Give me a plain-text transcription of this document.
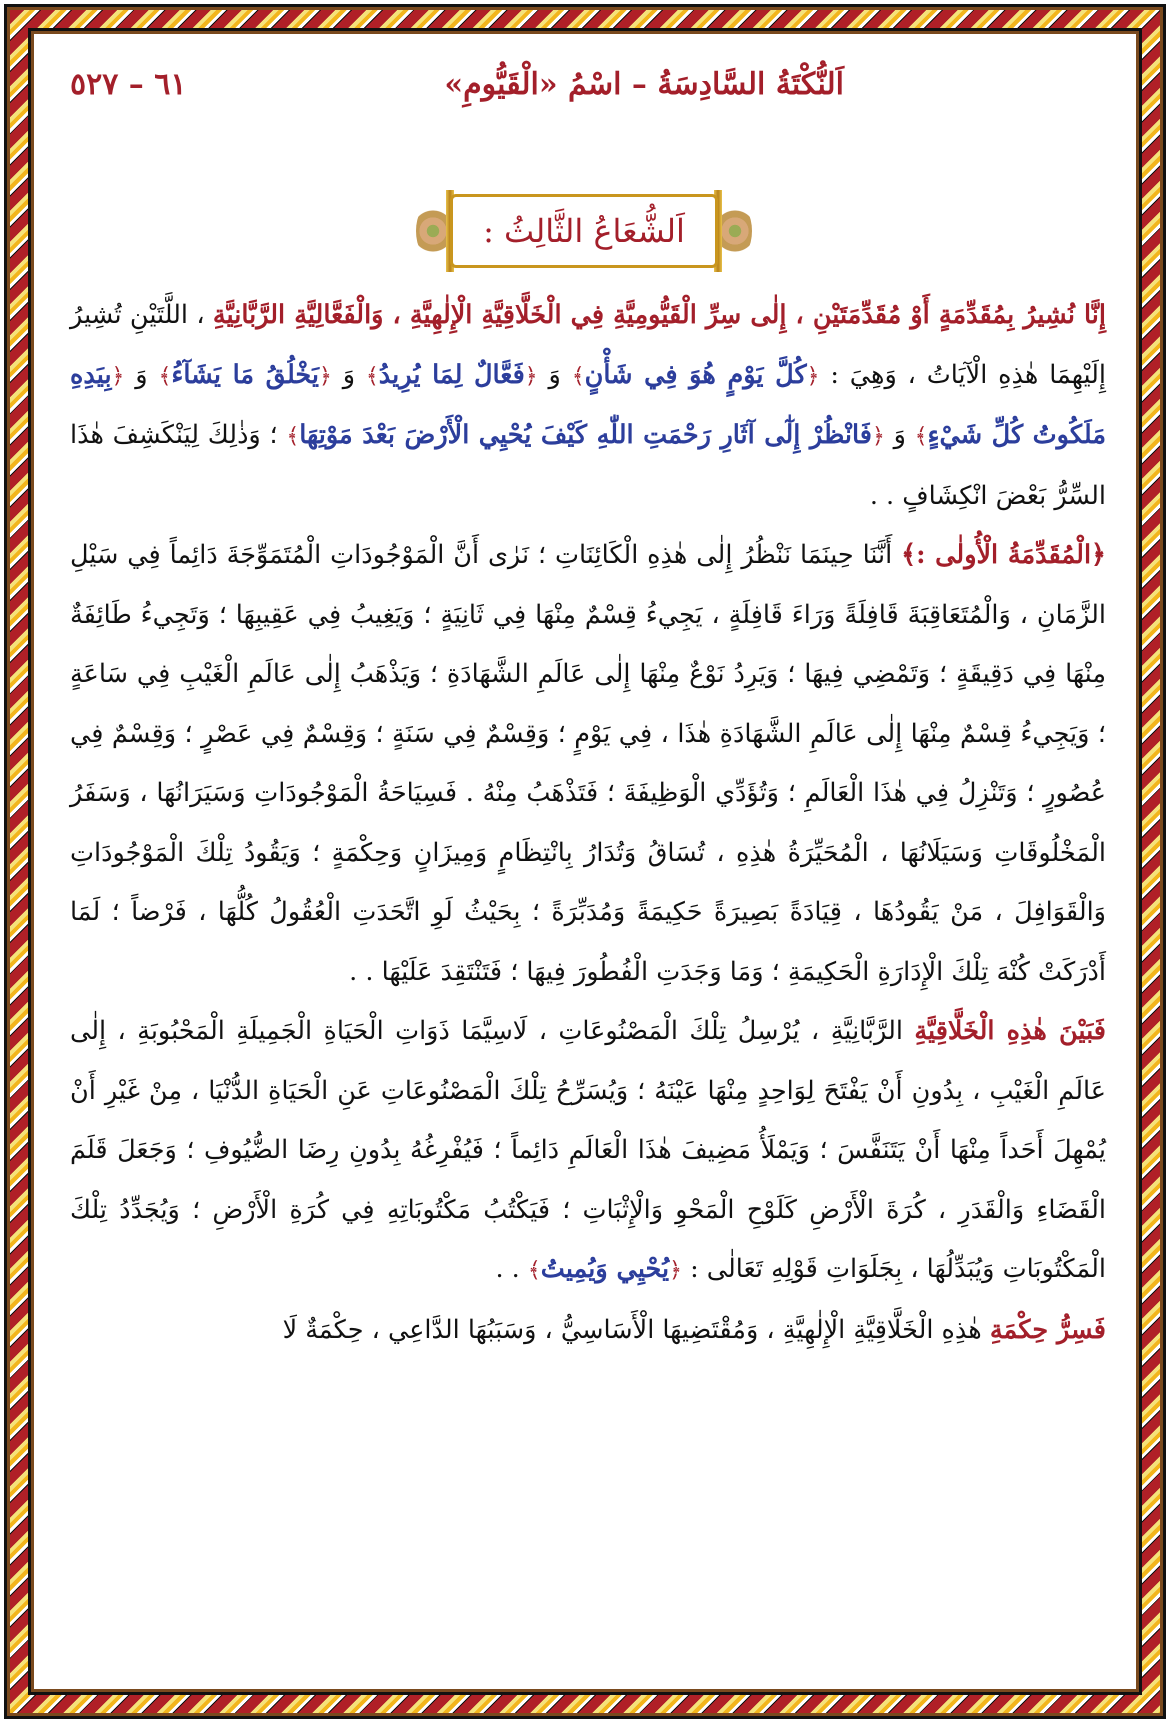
اَلنُّكْتَةُ السَّادِسَةُ – اسْمُ «الْقَيُّومِ»
٦١ – ٥٢٧
اَلشُّعَاعُ الثَّالِثُ :

إِنَّا نُشِيرُ بِمُقَدِّمَةٍ أَوْ مُقَدِّمَتَيْنِ ، إِلٰى سِرِّ الْقَيُّومِيَّةِ فِي الْخَلَّاقِيَّةِ الْإِلٰهِيَّةِ ، وَالْفَعَّالِيَّةِ الرَّبَّانِيَّةِ ، اللَّتَيْنِ تُشِيرُ إِلَيْهِمَا هٰذِهِ الْآيَاتُ ، وَهِيَ : ﴿كُلَّ يَوْمٍ هُوَ فِي شَأْنٍ﴾ وَ ﴿فَعَّالٌ لِمَا يُرِيدُ﴾ وَ ﴿يَخْلُقُ مَا يَشَآءُ﴾ وَ ﴿بِيَدِهِ مَلَكُوتُ كُلِّ شَيْءٍ﴾ وَ ﴿فَانْظُرْ إِلٰٓى آثَارِ رَحْمَتِ اللّٰهِ كَيْفَ يُحْيِي الْأَرْضَ بَعْدَ مَوْتِهَا﴾ ؛ وَذٰلِكَ لِيَنْكَشِفَ هٰذَا السِّرُّ بَعْضَ انْكِشَافٍ . .

﴿الْمُقَدِّمَةُ الْأُولٰى :﴾ أَنَّنَا حِينَمَا نَنْظُرُ إِلٰى هٰذِهِ الْكَائِنَاتِ ؛ نَرٰى أَنَّ الْمَوْجُودَاتِ الْمُتَمَوِّجَةَ دَائِماً فِي سَيْلِ الزَّمَانِ ، وَالْمُتَعَاقِبَةَ قَافِلَةً وَرَاءَ قَافِلَةٍ ، يَجِيءُ قِسْمٌ مِنْهَا فِي ثَانِيَةٍ ؛ وَيَغِيبُ فِي عَقِيبِهَا ؛ وَتَجِيءُ طَائِفَةٌ مِنْهَا فِي دَقِيقَةٍ ؛ وَتَمْضِي فِيهَا ؛ وَيَرِدُ نَوْعٌ مِنْهَا إِلٰى عَالَمِ الشَّهَادَةِ ؛ وَيَذْهَبُ إِلٰى عَالَمِ الْغَيْبِ فِي سَاعَةٍ ؛ وَيَجِيءُ قِسْمٌ مِنْهَا إِلٰى عَالَمِ الشَّهَادَةِ هٰذَا ، فِي يَوْمٍ ؛ وَقِسْمٌ فِي سَنَةٍ ؛ وَقِسْمٌ فِي عَصْرٍ ؛ وَقِسْمٌ فِي عُصُورٍ ؛ وَتَنْزِلُ فِي هٰذَا الْعَالَمِ ؛ وَتُؤَدِّي الْوَظِيفَةَ ؛ فَتَذْهَبُ مِنْهُ . فَسِيَاحَةُ الْمَوْجُودَاتِ وَسَيَرَانُهَا ، وَسَفَرُ الْمَخْلُوقَاتِ وَسَيَلَانُهَا ، الْمُحَيِّرَةُ هٰذِهِ ، تُسَاقُ وَتُدَارُ بِانْتِظَامٍ وَمِيزَانٍ وَحِكْمَةٍ ؛ وَيَقُودُ تِلْكَ الْمَوْجُودَاتِ وَالْقَوَافِلَ ، مَنْ يَقُودُهَا ، قِيَادَةً بَصِيرَةً حَكِيمَةً وَمُدَبِّرَةً ؛ بِحَيْثُ لَوِ اتَّحَدَتِ الْعُقُولُ كُلُّهَا ، فَرْضاً ؛ لَمَا أَدْرَكَتْ كُنْهَ تِلْكَ الْإِدَارَةِ الْحَكِيمَةِ ؛ وَمَا وَجَدَتِ الْفُطُورَ فِيهَا ؛ فَتَنْتَقِدَ عَلَيْهَا . .

فَبَيْنَ هٰذِهِ الْخَلَّاقِيَّةِ الرَّبَّانِيَّةِ ، يُرْسِلُ تِلْكَ الْمَصْنُوعَاتِ ، لَاسِيَّمَا ذَوَاتِ الْحَيَاةِ الْجَمِيلَةِ الْمَحْبُوبَةِ ، إِلٰى عَالَمِ الْغَيْبِ ، بِدُونِ أَنْ يَفْتَحَ لِوَاحِدٍ مِنْهَا عَيْنَهُ ؛ وَيُسَرِّحُ تِلْكَ الْمَصْنُوعَاتِ عَنِ الْحَيَاةِ الدُّنْيَا ، مِنْ غَيْرِ أَنْ يُمْهِلَ أَحَداً مِنْهَا أَنْ يَتَنَفَّسَ ؛ وَيَمْلَأُ مَضِيفَ هٰذَا الْعَالَمِ دَائِماً ؛ فَيُفْرِغُهُ بِدُونِ رِضَا الضُّيُوفِ ؛ وَجَعَلَ قَلَمَ الْقَضَاءِ وَالْقَدَرِ ، كُرَةَ الْأَرْضِ كَلَوْحِ الْمَحْوِ وَالْإِثْبَاتِ ؛ فَيَكْتُبُ مَكْتُوبَاتِهِ فِي كُرَةِ الْأَرْضِ ؛ وَيُجَدِّدُ تِلْكَ الْمَكْتُوبَاتِ وَيُبَدِّلُهَا ، بِجَلَوَاتِ قَوْلِهِ تَعَالٰى : ﴿يُحْيِي وَيُمِيتُ﴾ . .

فَسِرُّ حِكْمَةِ هٰذِهِ الْخَلَّاقِيَّةِ الْإِلٰهِيَّةِ ، وَمُقْتَضِيهَا الْأَسَاسِيُّ ، وَسَبَبُهَا الدَّاعِي ، حِكْمَةٌ لَا
